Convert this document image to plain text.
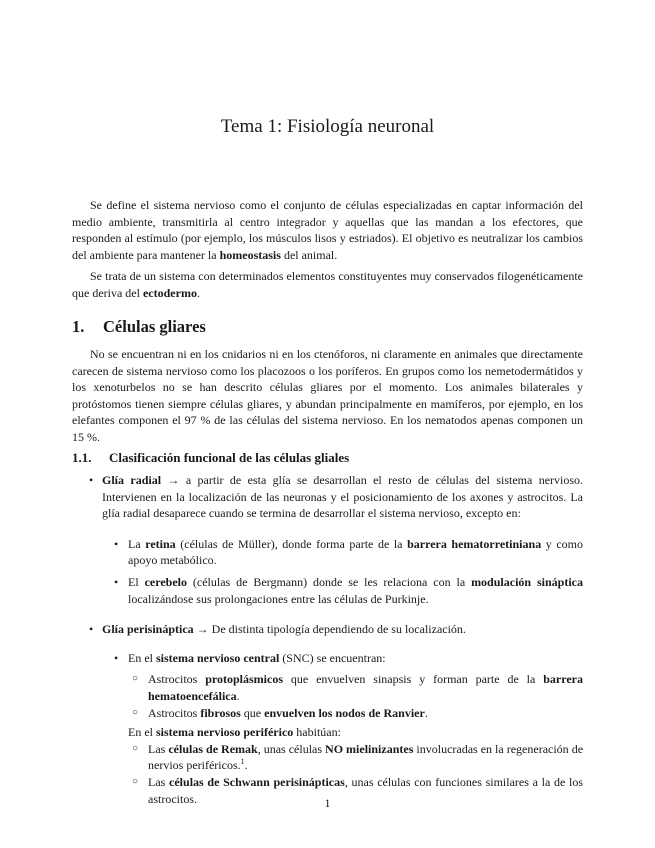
Tema 1: Fisiología neuronal

Se define el sistema nervioso como el conjunto de células especializadas en captar información del medio ambiente, transmitirla al centro integrador y aquellas que las mandan a los efectores, que responden al estímulo (por ejemplo, los músculos lisos y estriados). El objetivo es neutralizar los cambios del ambiente para mantener la homeostasis del animal.

Se trata de un sistema con determinados elementos constituyentes muy conservados filogenéticamente que deriva del ectodermo.

1. Células gliares

No se encuentran ni en los cnidarios ni en los ctenóforos, ni claramente en animales que directamente carecen de sistema nervioso como los placozoos o los poríferos. En grupos como los nemetodermátidos y los xenoturbelos no se han descrito células gliares por el momento. Los animales bilaterales y protóstomos tienen siempre células gliares, y abundan principalmente en mamíferos, por ejemplo, en los elefantes componen el 97 % de las células del sistema nervioso. En los nematodos apenas componen un 15 %.

1.1. Clasificación funcional de las células gliales
• Glía radial → a partir de esta glía se desarrollan el resto de células del sistema nervioso. Intervienen en la localización de las neuronas y el posicionamiento de los axones y astrocitos. La glía radial desaparece cuando se termina de desarrollar el sistema nervioso, excepto en:
• La retina (células de Müller), donde forma parte de la barrera hematorretiniana y como apoyo metabólico.
• El cerebelo (células de Bergmann) donde se les relaciona con la modulación sináptica localizándose sus prolongaciones entre las células de Purkinje.
• Glía perisináptica → De distinta tipología dependiendo de su localización.
• En el sistema nervioso central (SNC) se encuentran:
○ Astrocitos protoplásmicos que envuelven sinapsis y forman parte de la barrera hematoencefálica.
○ Astrocitos fibrosos que envuelven los nodos de Ranvier.
En el sistema nervioso periférico habitúan:
○ Las células de Remak, unas células NO mielinizantes involucradas en la regeneración de nervios periféricos.$^1$.
○ Las células de Schwann perisinápticas, unas células con funciones similares a la de los astrocitos.	1
